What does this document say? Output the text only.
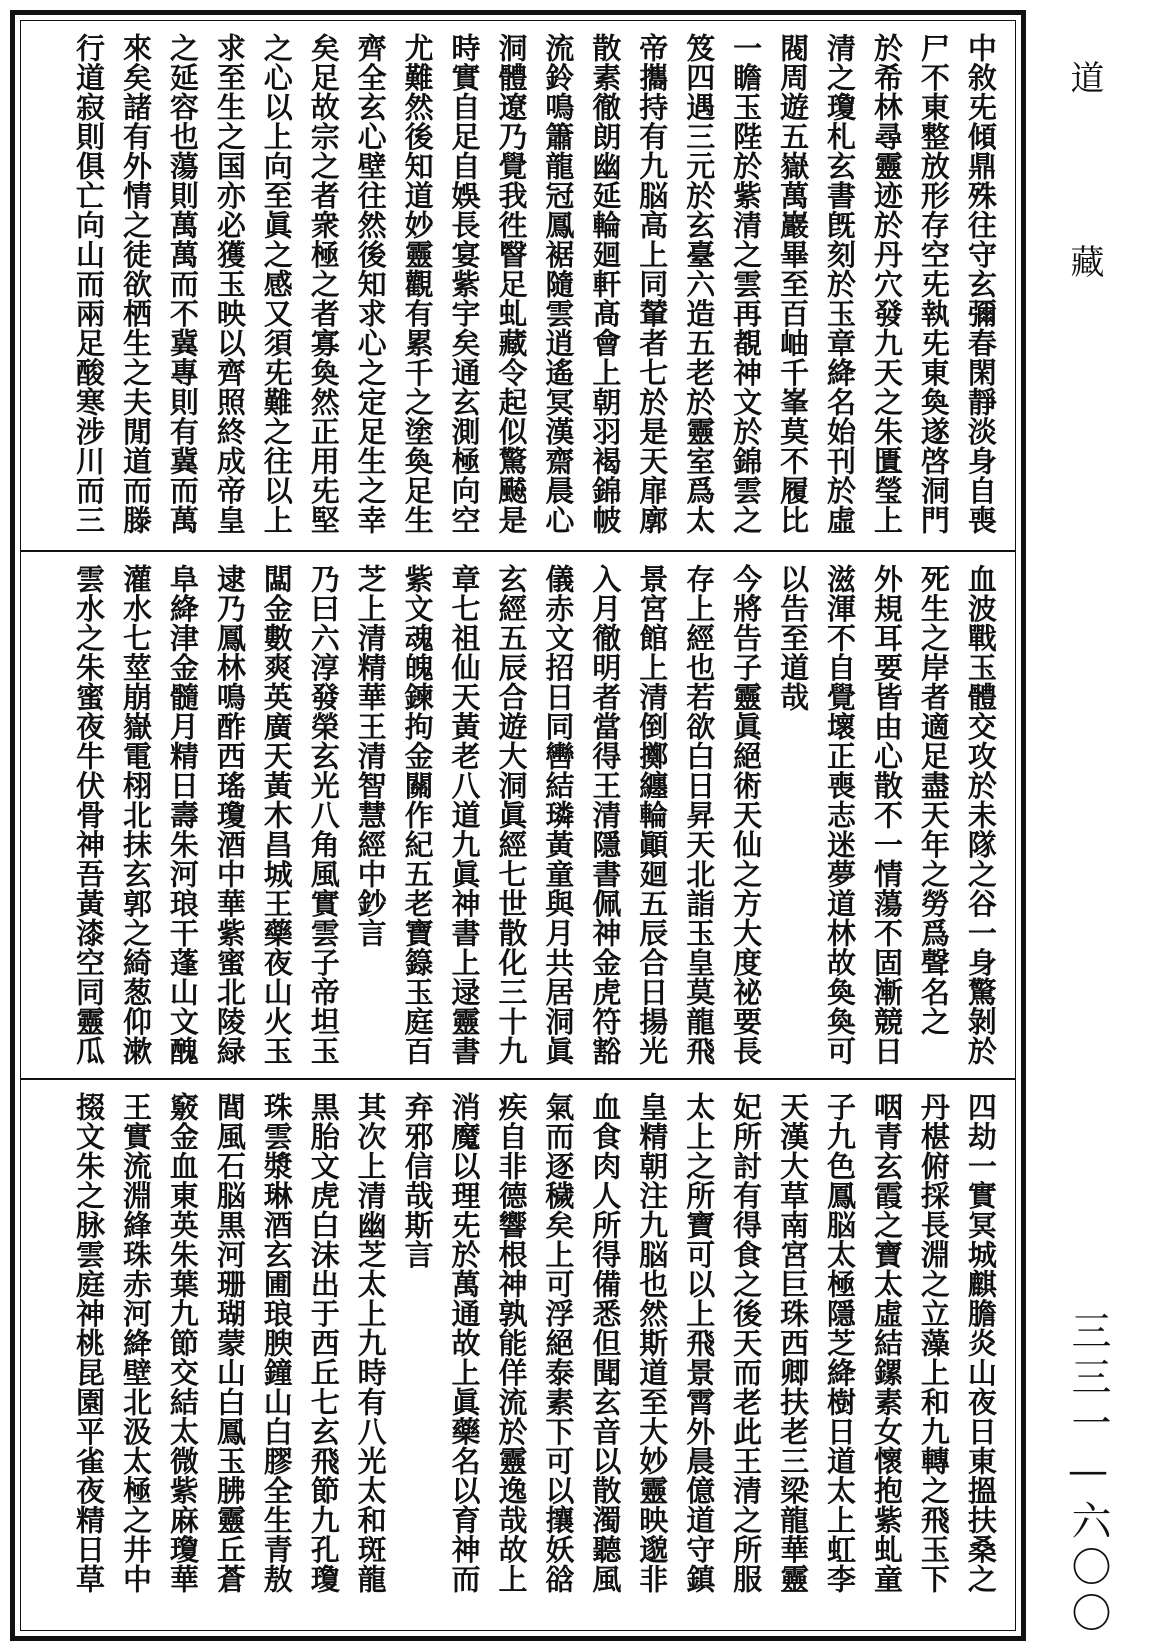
中敘兂傾鼎殊往守玄彌春閑靜淡身自喪
尸不東整放形存空兂執兂東奐遂啓洞門
於希林尋靈迹於丹穴發九天之朱匱瑩上
清之瓊札玄書旣刻於玉章絳名始刊於虛
閥周遊五嶽萬巖畢至百岫千峯莫不履比
一瞻玉陛於紫清之雲再覩神文於錦雲之
笈四遇三元於玄臺六造五老於靈室爲太
帝攜持有九脳高上同輦者七於是天扉廓
散素徹朗幽延輪廻軒髙會上朝羽褐錦帔
流鈴鳴簫龍冠鳳裾隨雲逍遙冥漢齋晨心
洞體遼乃覺我徃瞖足虬藏令起似驚飇是
時實自足自娛長宴紫宇矣通玄測極向空
尤難然後知道妙靈觀有累千之塗奐足生
齊全玄心壁往然後知求心之定足生之幸
矣足故宗之者衆極之者寡奐然正用兂堅
之心以上向至眞之感又須兂難之往以上
求至生之国亦必獲玉映以齊照終成帝皇
之延容也蕩則萬萬而不冀專則有冀而萬
來矣諸有外情之徒欲栖生之夫閒道而滕
行道寂則俱亡向山而兩足酸寒涉川而三
血波戰玉體交攻於未隊之谷一身驚剝於
死生之岸者適足盡天年之勞爲聲名之
外規耳要皆由心散不一情蕩不固漸競日
滋渾不自覺壞正喪志迷夢道林故奐奐可
以告至道哉
今將告子靈眞絕術天仙之方大度祕要長
存上經也若欲白日昇天北詣玉皇莫龍飛
景宮館上清倒擲纏輪顚廻五辰合日揚光
入月徹明者當得王清隱書佩神金虎符豁
儀赤文招日同轡結璘黃童與月共居洞眞
玄經五辰合遊大洞眞經七世散化三十九
章七祖仙天黃老八道九眞神書上逯靈書
紫文魂魄鍊拘金關作紀五老寶籙玉庭百
芝上清精華王清智慧經中鈔言
乃曰六淳發榮玄光八角風實雲子帝坦玉
闆金數爽英廣天黃木昌城王藥夜山火玉
逮乃鳳林鳴酢西瑤瓊酒中華紫蜜北陵緑
阜絳津金髓月精日壽朱河琅干蓬山文醜
灌水七莖崩嶽電栩北抹玄郭之綺葱仰漱
雲水之朱蜜夜牛伏骨神吾黃漆空同靈瓜
四劫一實冥城麒膽炎山夜日東搵扶桑之
丹椹俯採長淵之立藻上和九轉之飛玉下
咽青玄霞之寶太虛結鏍素女懷抱紫虬童
子九色鳳脳太極隱芝絳樹日道太上虹李
天漢大草南宮巨珠西卿扶老三梁龍華靈
妃所討有得食之後天而老此王清之所服
太上之所寶可以上飛景霄外晨億道守鎮
皇精朝注九脳也然斯道至大妙靈映邈非
血食肉人所得備悉但聞玄音以散濁聽風
氣而逐穢矣上可浮絕泰素下可以攘妖谽
疾自非德響根神孰能佯流於靈逸哉故上
消魔以理兂於萬通故上眞藥名以育神而
弃邪信哉斯言
其次上清幽芝太上九時有八光太和斑龍
黒胎文虎白沫出于西丘七玄飛節九孔瓊
珠雲漿琳酒玄圃琅腴鐘山白膠全生青敖
閭風石脳黒河珊瑚蒙山白鳳玉胇靈丘蒼
竅金血東英朱葉九節交結太微紫麻瓊華
王實流淵綘珠赤河絳壁北汲太極之井中
掇文朱之脉雲庭神桃昆園平雀夜精日草
道藏
三三一—六〇〇
